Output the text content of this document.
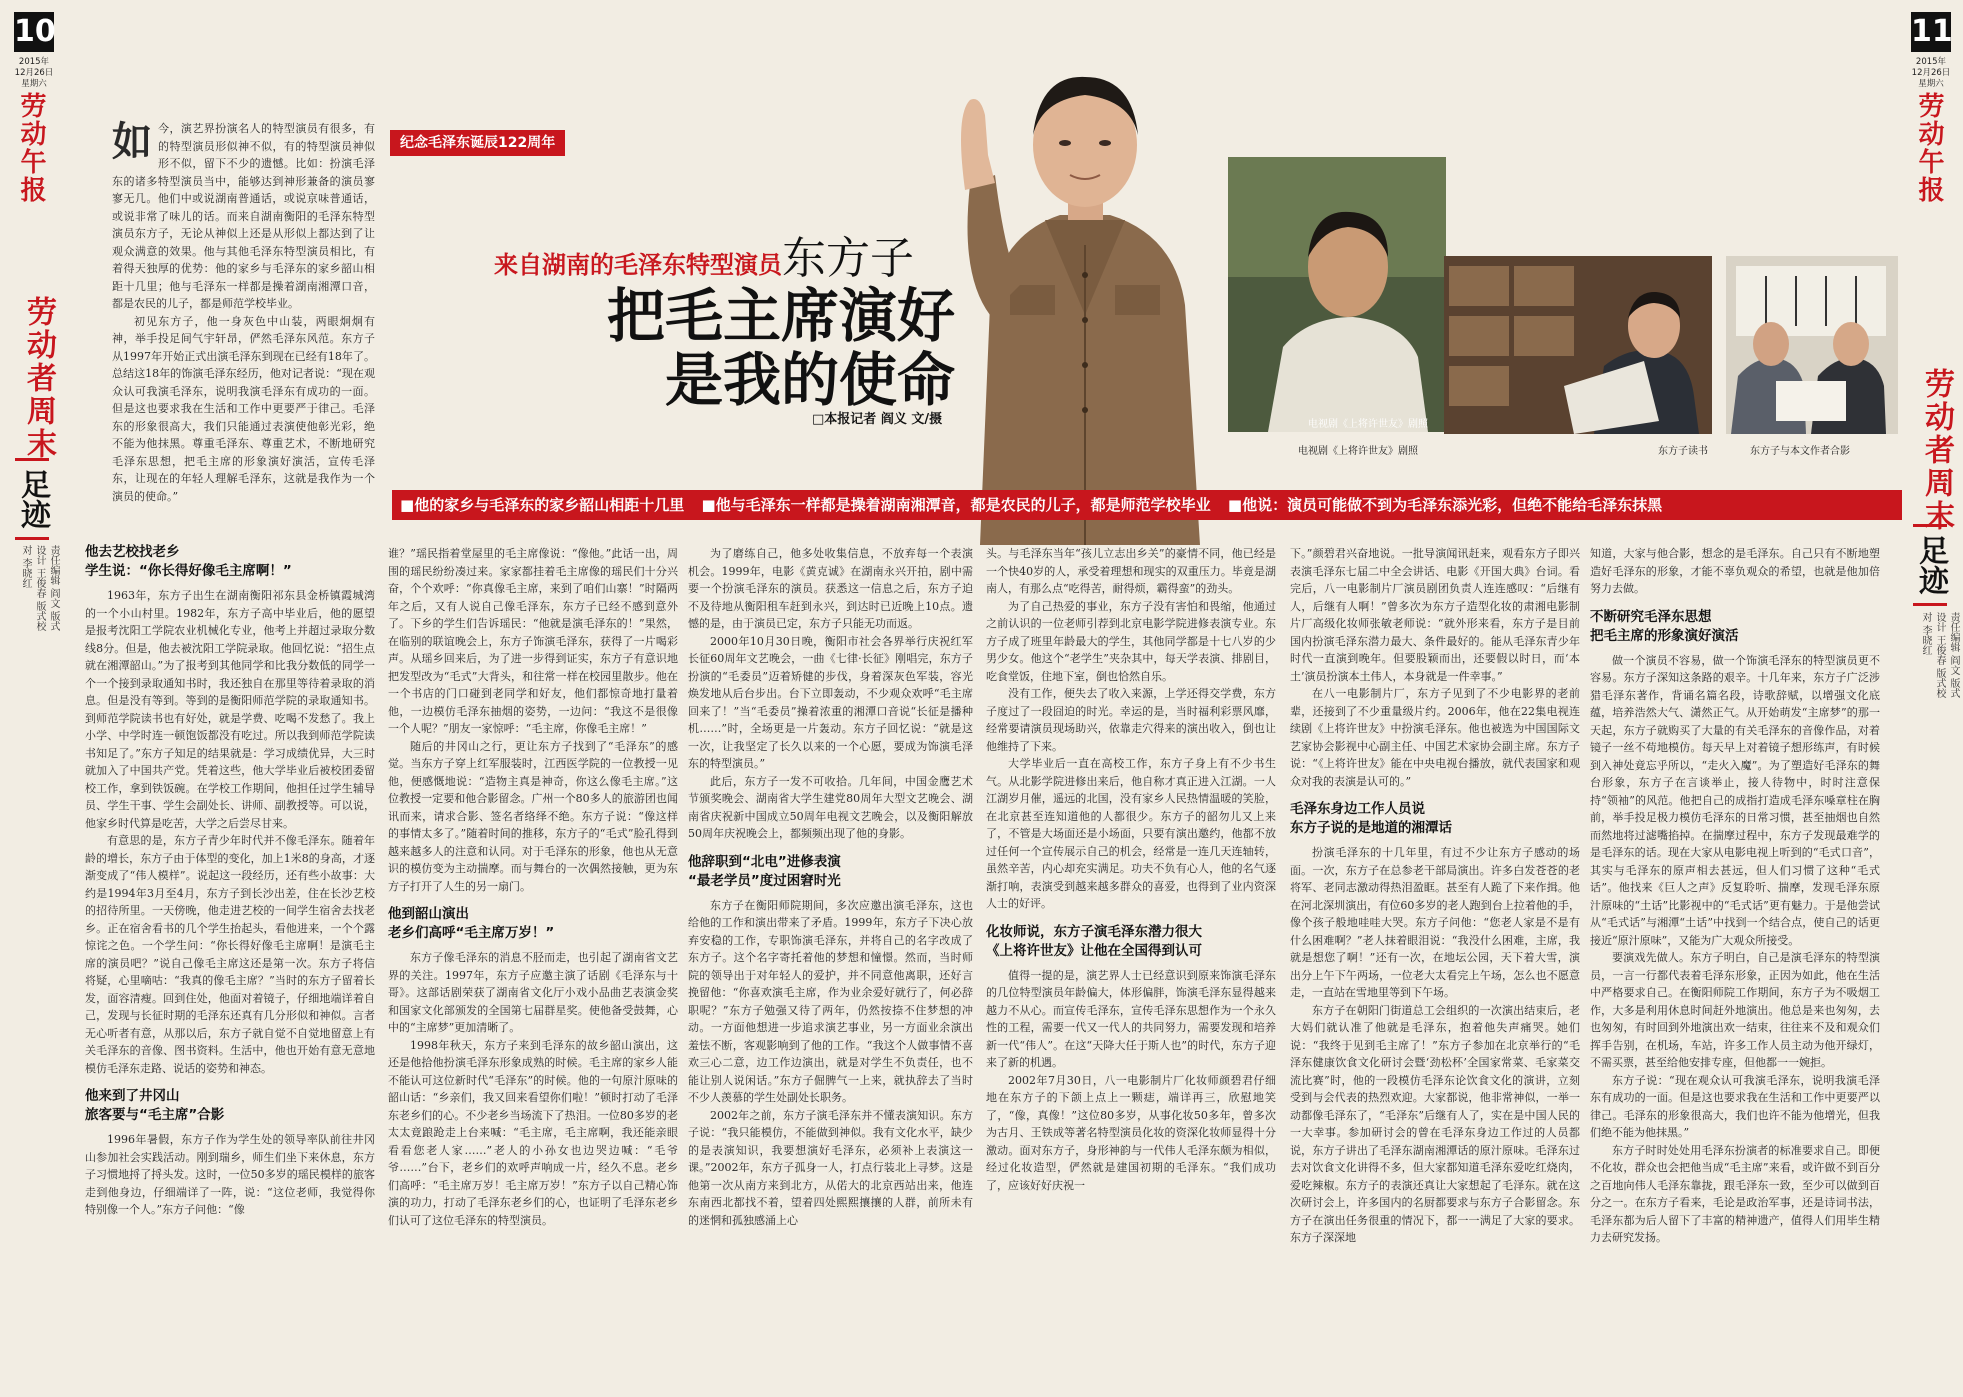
10
2015年
12月26日
星期六
劳动午报
劳动者周末
足迹
责任编辑 阎文 版式设计 王俊春 版式校对 李晓红
11
2015年
12月26日
星期六
劳动午报
劳动者周末
足迹
责任编辑 阎文 版式设计 王俊春 版式校对 李晓红

如今，演艺界扮演名人的特型演员有很多，有的特型演员形似神不似，有的特型演员神似形不似，留下不少的遗憾。比如：扮演毛泽东的诸多特型演员当中，能够达到神形兼备的演员寥寥无几。他们中或说湖南普通话，或说京味普通话，或说非常了味儿的话。而来自湖南衡阳的毛泽东特型演员东方子，无论从神似上还是从形似上都达到了让观众满意的效果。他与其他毛泽东特型演员相比，有着得天独厚的优势：他的家乡与毛泽东的家乡韶山相距十几里；他与毛泽东一样都是操着湖南湘潭口音，都是农民的儿子，都是师范学校毕业。

初见东方子，他一身灰色中山装，两眼炯炯有神，举手投足间气宇轩昂，俨然毛泽东风范。东方子从1997年开始正式出演毛泽东到现在已经有18年了。总结这18年的饰演毛泽东经历，他对记者说：“现在观众认可我演毛泽东，说明我演毛泽东有成功的一面。但是这也要求我在生活和工作中更要严于律己。毛泽东的形象很高大，我们只能通过表演使他彰光彩，绝不能为他抹黑。尊重毛泽东、尊重艺术，不断地研究毛泽东思想，把毛主席的形象演好演活，宣传毛泽东，让现在的年轻人理解毛泽东，这就是我作为一个演员的使命。”

他去艺校找老乡
学生说：“你长得好像毛主席啊！”

1963年，东方子出生在湖南衡阳祁东县金桥镇霞城湾的一个小山村里。1982年，东方子高中毕业后，他的愿望是报考沈阳工学院农业机械化专业，他考上并超过录取分数线8分。但是，他去被沈阳工学院录取。他回忆说：“招生点就在湘潭韶山。”为了报考到其他同学和比我分数低的同学一个一个接到录取通知书时，我还独自在那里等待着录取的消息。但是没有等到。等到的是衡阳师范学院的录取通知书。到师范学院读书也有好处，就是学费、吃喝不发愁了。我上小学、中学时连一顿饱饭都没有吃过。所以我到师范学院读书知足了。”东方子知足的结果就是：学习成绩优异，大三时就加入了中国共产党。凭着这些，他大学毕业后被校团委留校工作，拿到铁饭碗。在学校工作期间，他担任过学生辅导员、学生干事、学生会副处长、讲师、副教授等。可以说，他家乡时代算是吃苦，大学之后尝尽甘来。

有意思的是，东方子青少年时代并不像毛泽东。随着年龄的增长，东方子由于体型的变化，加上1米8的身高，才逐渐变成了“伟人模样”。说起这一段经历，还有些小故事：大约是1994年3月至4月，东方子到长沙出差，住在长沙艺校的招待所里。一天傍晚，他走进艺校的一间学生宿舍去找老乡。正在宿舍看书的几个学生抬起头，看他进来，一个个露惊诧之色。一个学生问：“你长得好像毛主席啊！是演毛主席的演员吧？”说自己像毛主席这还是第一次。东方子将信将疑，心里嘀咕：“我真的像毛主席？”当时的东方子留着长发，面容清瘦。回到住处，他面对着镜子，仔细地端详着自己，发现与长征时期的毛泽东还真有几分形似和神似。言者无心听者有意，从那以后，东方子就自觉不自觉地留意上有关毛泽东的音像、图书资料。生活中，他也开始有意无意地模仿毛泽东走路、说话的姿势和神态。

他来到了井冈山
旅客要与“毛主席”合影

1996年暑假，东方子作为学生处的领导率队前往井冈山参加社会实践活动。刚到瑞乡，师生们坐下来休息，东方子习惯地捋了捋头发。这时，一位50多岁的瑶民模样的旅客走到他身边，仔细端详了一阵，说：“这位老师，我觉得你特别像一个人。”东方子问他：“像

谁？”瑶民指着堂屋里的毛主席像说：“像他。”此话一出，周围的瑶民纷纷凑过来。家家都挂着毛主席像的瑶民们十分兴奋，个个欢呼：“你真像毛主席，来到了咱们山寨！”时隔两年之后，又有人说自己像毛泽东，东方子已经不感到意外了。下乡的学生们告诉瑶民：“他就是演毛泽东的！”果然，在临别的联谊晚会上，东方子饰演毛泽东，获得了一片喝彩声。从瑶乡回来后，为了进一步得到证实，东方子有意识地把发型改为“毛式”大背头，和往常一样在校园里散步。他在一个书店的门口碰到老同学和好友，他们都惊奇地打量着他，一边模仿毛泽东抽烟的姿势，一边问：“我这不是很像一个人呢？”朋友一家惊呼：“毛主席，你像毛主席！”

随后的井冈山之行，更让东方子找到了“毛泽东”的感觉。当东方子穿上红军服装时，江西医学院的一位教授一见他，便感慨地说：“造物主真是神奇，你这么像毛主席。”这位教授一定要和他合影留念。广州一个80多人的旅游团也闻讯而来，请求合影、签名者络绎不绝。东方子说：“像这样的事情太多了。”随着时间的推移，东方子的“毛式”脸孔得到越来越多人的注意和认同。对于毛泽东的形象，他也从无意识的模仿变为主动揣摩。而与舞台的一次偶然接触，更为东方子打开了人生的另一扇门。

他到韶山演出
老乡们高呼“毛主席万岁！”

东方子像毛泽东的消息不胫而走，也引起了湖南省文艺界的关注。1997年，东方子应邀主演了话剧《毛泽东与十哥》。这部话剧荣获了湖南省文化厅小戏小品曲艺表演金奖和国家文化部颁发的全国第七届群星奖。使他备受鼓舞，心中的“主席梦”更加清晰了。

1998年秋天，东方子来到毛泽东的故乡韶山演出，这还是他拾他扮演毛泽东形象成熟的时候。毛主席的家乡人能不能认可这位新时代“毛泽东”的时候。他的一句原汁原味的韶山话：“乡亲们，我又回来看望你们啦！”顿时打动了毛泽东老乡们的心。不少老乡当场流下了热泪。一位80多岁的老太太竟踉跄走上台来喊：“毛主席，毛主席啊，我还能亲眼看看您老人家……”老人的小孙女也边哭边喊：“毛爷爷……”台下，老乡们的欢呼声响成一片，经久不息。老乡们高呼：“毛主席万岁！毛主席万岁！”东方子以自己精心饰演的功力，打动了毛泽东老乡们的心，也证明了毛泽东老乡们认可了这位毛泽东的特型演员。

为了磨练自己，他多处收集信息，不放弃每一个表演机会。1999年，电影《黄克诚》在湖南永兴开拍，剧中需要一个扮演毛泽东的演员。获悉这一信息之后，东方子迫不及待地从衡阳租车赶到永兴，到达时已近晚上10点。遗憾的是，由于演员已定，东方子只能无功而返。

2000年10月30日晚，衡阳市社会各界举行庆祝红军长征60周年文艺晚会，一曲《七律·长征》刚唱完，东方子扮演的“毛委员”迈着矫健的步伐，身着深灰色军装，容光焕发地从后台步出。台下立即轰动，不少观众欢呼“毛主席回来了！”当“毛委员”操着浓重的湘潭口音说“长征是播种机……”时，全场更是一片轰动。东方子回忆说：“就是这一次，让我坚定了长久以来的一个心愿，要成为饰演毛泽东的特型演员。”

此后，东方子一发不可收拾。几年间，中国金鹰艺术节颁奖晚会、湖南省大学生建党80周年大型文艺晚会、湖南省庆祝新中国成立50周年电视文艺晚会，以及衡阳解放50周年庆祝晚会上，都频频出现了他的身影。

他辞职到“北电”进修表演
“最老学员”度过困窘时光

东方子在衡阳师院期间，多次应邀出演毛泽东，这也给他的工作和演出带来了矛盾。1999年，东方子下决心放弃安稳的工作，专职饰演毛泽东，并将自己的名字改成了东方子。这个名字寄托着他的梦想和憧憬。然而，当时师院的领导出于对年轻人的爱护，并不同意他离职，还好言挽留他：“你喜欢演毛主席，作为业余爱好就行了，何必辞职呢？”东方子勉强又待了两年，仍然按捺不住梦想的冲动。一方面他想进一步追求演艺事业，另一方面业余演出羞怯不断，客观影响到了他的工作。“我这个人做事情不喜欢三心二意，边工作边演出，就是对学生不负责任，也不能让别人说闲话。”东方子倔脾气一上来，就执辞去了当时不少人羡慕的学生处副处长职务。

2002年之前，东方子演毛泽东并不懂表演知识。东方子说：“我只能模仿，不能做到神似。我有文化水平，缺少的是表演知识，我要想演好毛泽东，必须补上表演这一课。”2002年，东方子孤身一人，打点行装北上寻梦。这是他第一次从南方来到北方，从偌大的北京西站出来，他连东南西北都找不着，望着四处熙熙攘攘的人群，前所未有的迷惘和孤独感涌上心

头。与毛泽东当年“孩儿立志出乡关”的豪情不同，他已经是一个快40岁的人，承受着理想和现实的双重压力。毕竟是湖南人，有那么点“吃得苦，耐得烦，霸得蛮”的劲头。

为了自己热爱的事业，东方子没有害怕和畏缩，他通过之前认识的一位老师引荐到北京电影学院进修表演专业。东方子成了班里年龄最大的学生，其他同学都是十七八岁的少男少女。他这个“老学生”夹杂其中，每天学表演、排剧目，吃食堂饭，住地下室，倒也恰然自乐。

没有工作，便失去了收入来源，上学还得交学费，东方子度过了一段囧迫的时光。幸运的是，当时福利彩票风靡，经常要请演员现场助兴，依靠走穴得来的演出收入，倒也让他维持了下来。

大学毕业后一直在高校工作，东方子身上有不少书生气。从北影学院进修出来后，他自称才真正进入江湖。一人江湖岁月催，遥远的北国，没有家乡人民热情温暖的笑脸，在北京甚至连知道他的人都很少。东方子的韶勿儿又上来了，不管是大场面还是小场面，只要有演出邀约，他都不放过任何一个宣传展示自己的机会，经常是一连几天连轴转，虽然辛苦，内心却充实满足。功夫不负有心人，他的名气逐渐打响，表演受到越来越多群众的喜爱，也得到了业内资深人士的好评。

化妆师说，东方子演毛泽东潜力很大
《上将许世友》让他在全国得到认可

值得一提的是，演艺界人士已经意识到原来饰演毛泽东的几位特型演员年龄偏大，体形偏胖，饰演毛泽东显得越来越力不从心。而宣传毛泽东，宣传毛泽东思想作为一个永久性的工程，需要一代又一代人的共同努力，需要发现和培养新一代“伟人”。在这“天降大任于斯人也”的时代，东方子迎来了新的机遇。

2002年7月30日，八一电影制片厂化妆师颜碧君仔细地在东方子的下颌上点上一颗痣，端详再三，欣慰地笑了，“像，真像！”这位80多岁，从事化妆50多年，曾多次为古月、王铁成等著名特型演员化妆的资深化妆师显得十分激动。面对东方子，身形神韵与一代伟人毛泽东颇为相似，经过化妆造型，俨然就是建国初期的毛泽东。“我们成功了，应该好好庆祝一

下。”颜碧君兴奋地说。一批导演闻讯赶来，观看东方子即兴表演毛泽东七届二中全会讲话、电影《开国大典》台词。看完后，八一电影制片厂演员剧团负责人连连感叹：“后继有人，后继有人啊！”曾多次为东方子造型化妆的肃湘电影制片厂高级化妆师张敏老师说：“就外形来看，东方子是目前国内扮演毛泽东潜力最大、条件最好的。能从毛泽东青少年时代一直演到晚年。但要股颖而出，还要假以时日，而‘本土’演员扮演本土伟人，本身就是一件幸事。”

在八一电影制片厂，东方子见到了不少电影界的老前辈，还接到了不少重量级片约。2006年，他在22集电视连续剧《上将许世友》中扮演毛泽东。他也被选为中国国际文艺家协会影视中心副主任、中国艺术家协会副主席。东方子说：“《上将许世友》能在中央电视台播放，就代表国家和观众对我的表演是认可的。”

毛泽东身边工作人员说
东方子说的是地道的湘潭话

扮演毛泽东的十几年里，有过不少让东方子感动的场面。一次，东方子在总参老干部局演出。许多白发苍苍的老将军、老同志激动得热泪盈眶。甚至有人跪了下来作揖。他在河北深圳演出，有位60多岁的老人跑到台上拉着他的手，像个孩子般地哇哇大哭。东方子问他：“您老人家是不是有什么困难啊？”老人抹着眼泪说：“我没什么困难，主席，我就是想您了啊！”还有一次，在地坛公园，天下着大雪，演出分上午下午两场，一位老大太看完上午场，怎么也不愿意走，一直站在雪地里等到下午场。

东方子在朝阳门街道总工会组织的一次演出结束后，老大妈们就认准了他就是毛泽东，抱着他失声痛哭。她们说：“我终于见到毛主席了！”东方子参加在北京举行的“毛泽东健康饮食文化研讨会暨‘劲松杯’全国家常菜、毛家菜交流比赛”时，他的一段模仿毛泽东论饮食文化的演讲，立刻受到与会代表的热烈欢迎。大家都说，他非常神似，一举一动都像毛泽东了，“毛泽东”后继有人了，实在是中国人民的一大幸事。参加研讨会的曾在毛泽东身边工作过的人员都说，东方子讲出了毛泽东湖南湘潭话的原汁原味。毛泽东过去对饮食文化讲得不多，但大家都知道毛泽东爱吃红烧肉，爱吃辣椒。东方子的表演还真让大家想起了毛泽东。就在这次研讨会上，许多国内的名厨都要求与东方子合影留念。东方子在演出任务很重的情况下，都一一满足了大家的要求。东方子深深地

知道，大家与他合影，想念的是毛泽东。自己只有不断地塑造好毛泽东的形象，才能不辜负观众的希望，也就是他加倍努力去做。

不断研究毛泽东思想
把毛主席的形象演好演活

做一个演员不容易，做一个饰演毛泽东的特型演员更不容易。东方子深知这条路的艰辛。十几年来，东方子广泛涉猎毛泽东著作，背诵名篇名段，诗歌辞赋，以增强文化底蕴，培养浩然大气、潇然正气。从开始萌发“主席梦”的那一天起，东方子就购买了大量的有关毛泽东的音像作品，对着镜子一丝不苟地模仿。每天早上对着镜子想形练声，有时候到入神处竟忘乎所以，“走火入魔”。为了塑造好毛泽东的舞台形象，东方子在言谈举止，接人待物中，时时注意保持“领袖”的风范。他把自己的成指打造成毛泽东嗓章柱在胸前，举手投足极力模仿毛泽东的日常习惯，甚至抽烟也自然而然地将过滤嘴掐掉。在揣摩过程中，东方子发现最难学的是毛泽东的话。现在大家从电影电视上听到的“毛式口音”，其实与毛泽东的原声相去甚远，但人们习惯了这种“毛式话”。他找来《巨人之声》反复聆听、揣摩，发现毛泽东原汁原味的“土话”比影视中的“毛式话”更有魅力。于是他尝试从“毛式话”与湘潭“土话”中找到一个结合点，使自己的话更接近“原汁原味”，又能为广大观众所接受。

要演戏先做人。东方子明白，自己是演毛泽东的特型演员，一言一行都代表着毛泽东形象，正因为如此，他在生活中严格要求自己。在衡阳师院工作期间，东方子为不吸烟工作，大多是利用休息时间赶外地演出。他总是来也匆匆，去也匆匆，有时回到外地演出欢一结束，往往来不及和观众们挥手告别，在机场，车站，许多工作人员主动为他开绿灯，不需买票，甚至给他安排专座，但他都一一婉拒。

东方子说：“现在观众认可我演毛泽东，说明我演毛泽东有成功的一面。但是这也要求我在生活和工作中更要严以律己。毛泽东的形象很高大，我们也许不能为他增光，但我们绝不能为他抹黑。”

东方子时时处处用毛泽东扮演者的标准要求自己。即便不化妆，群众也会把他当成“毛主席”来看，或许做不到百分之百地向伟人毛泽东靠拢，跟毛泽东一致，至少可以做到百分之一。在东方子看来，毛论是政治军事，还是诗词书法，毛泽东都为后人留下了丰富的精神遗产，值得人们用毕生精力去研究发扬。

电视剧《上将许世友》剧照
电视剧《上将许世友》剧照	东方子读书	东方子与本文作者合影
纪念毛泽东诞辰122周年
来自湖南的毛泽东特型演员东方子
把毛主席演好
是我的使命
□本报记者 阎义 文/摄
■他的家乡与毛泽东的家乡韶山相距十几里 ■他与毛泽东一样都是操着湖南湘潭音，都是农民的儿子，都是师范学校毕业 ■他说：演员可能做不到为毛泽东添光彩，但绝不能给毛泽东抹黑
